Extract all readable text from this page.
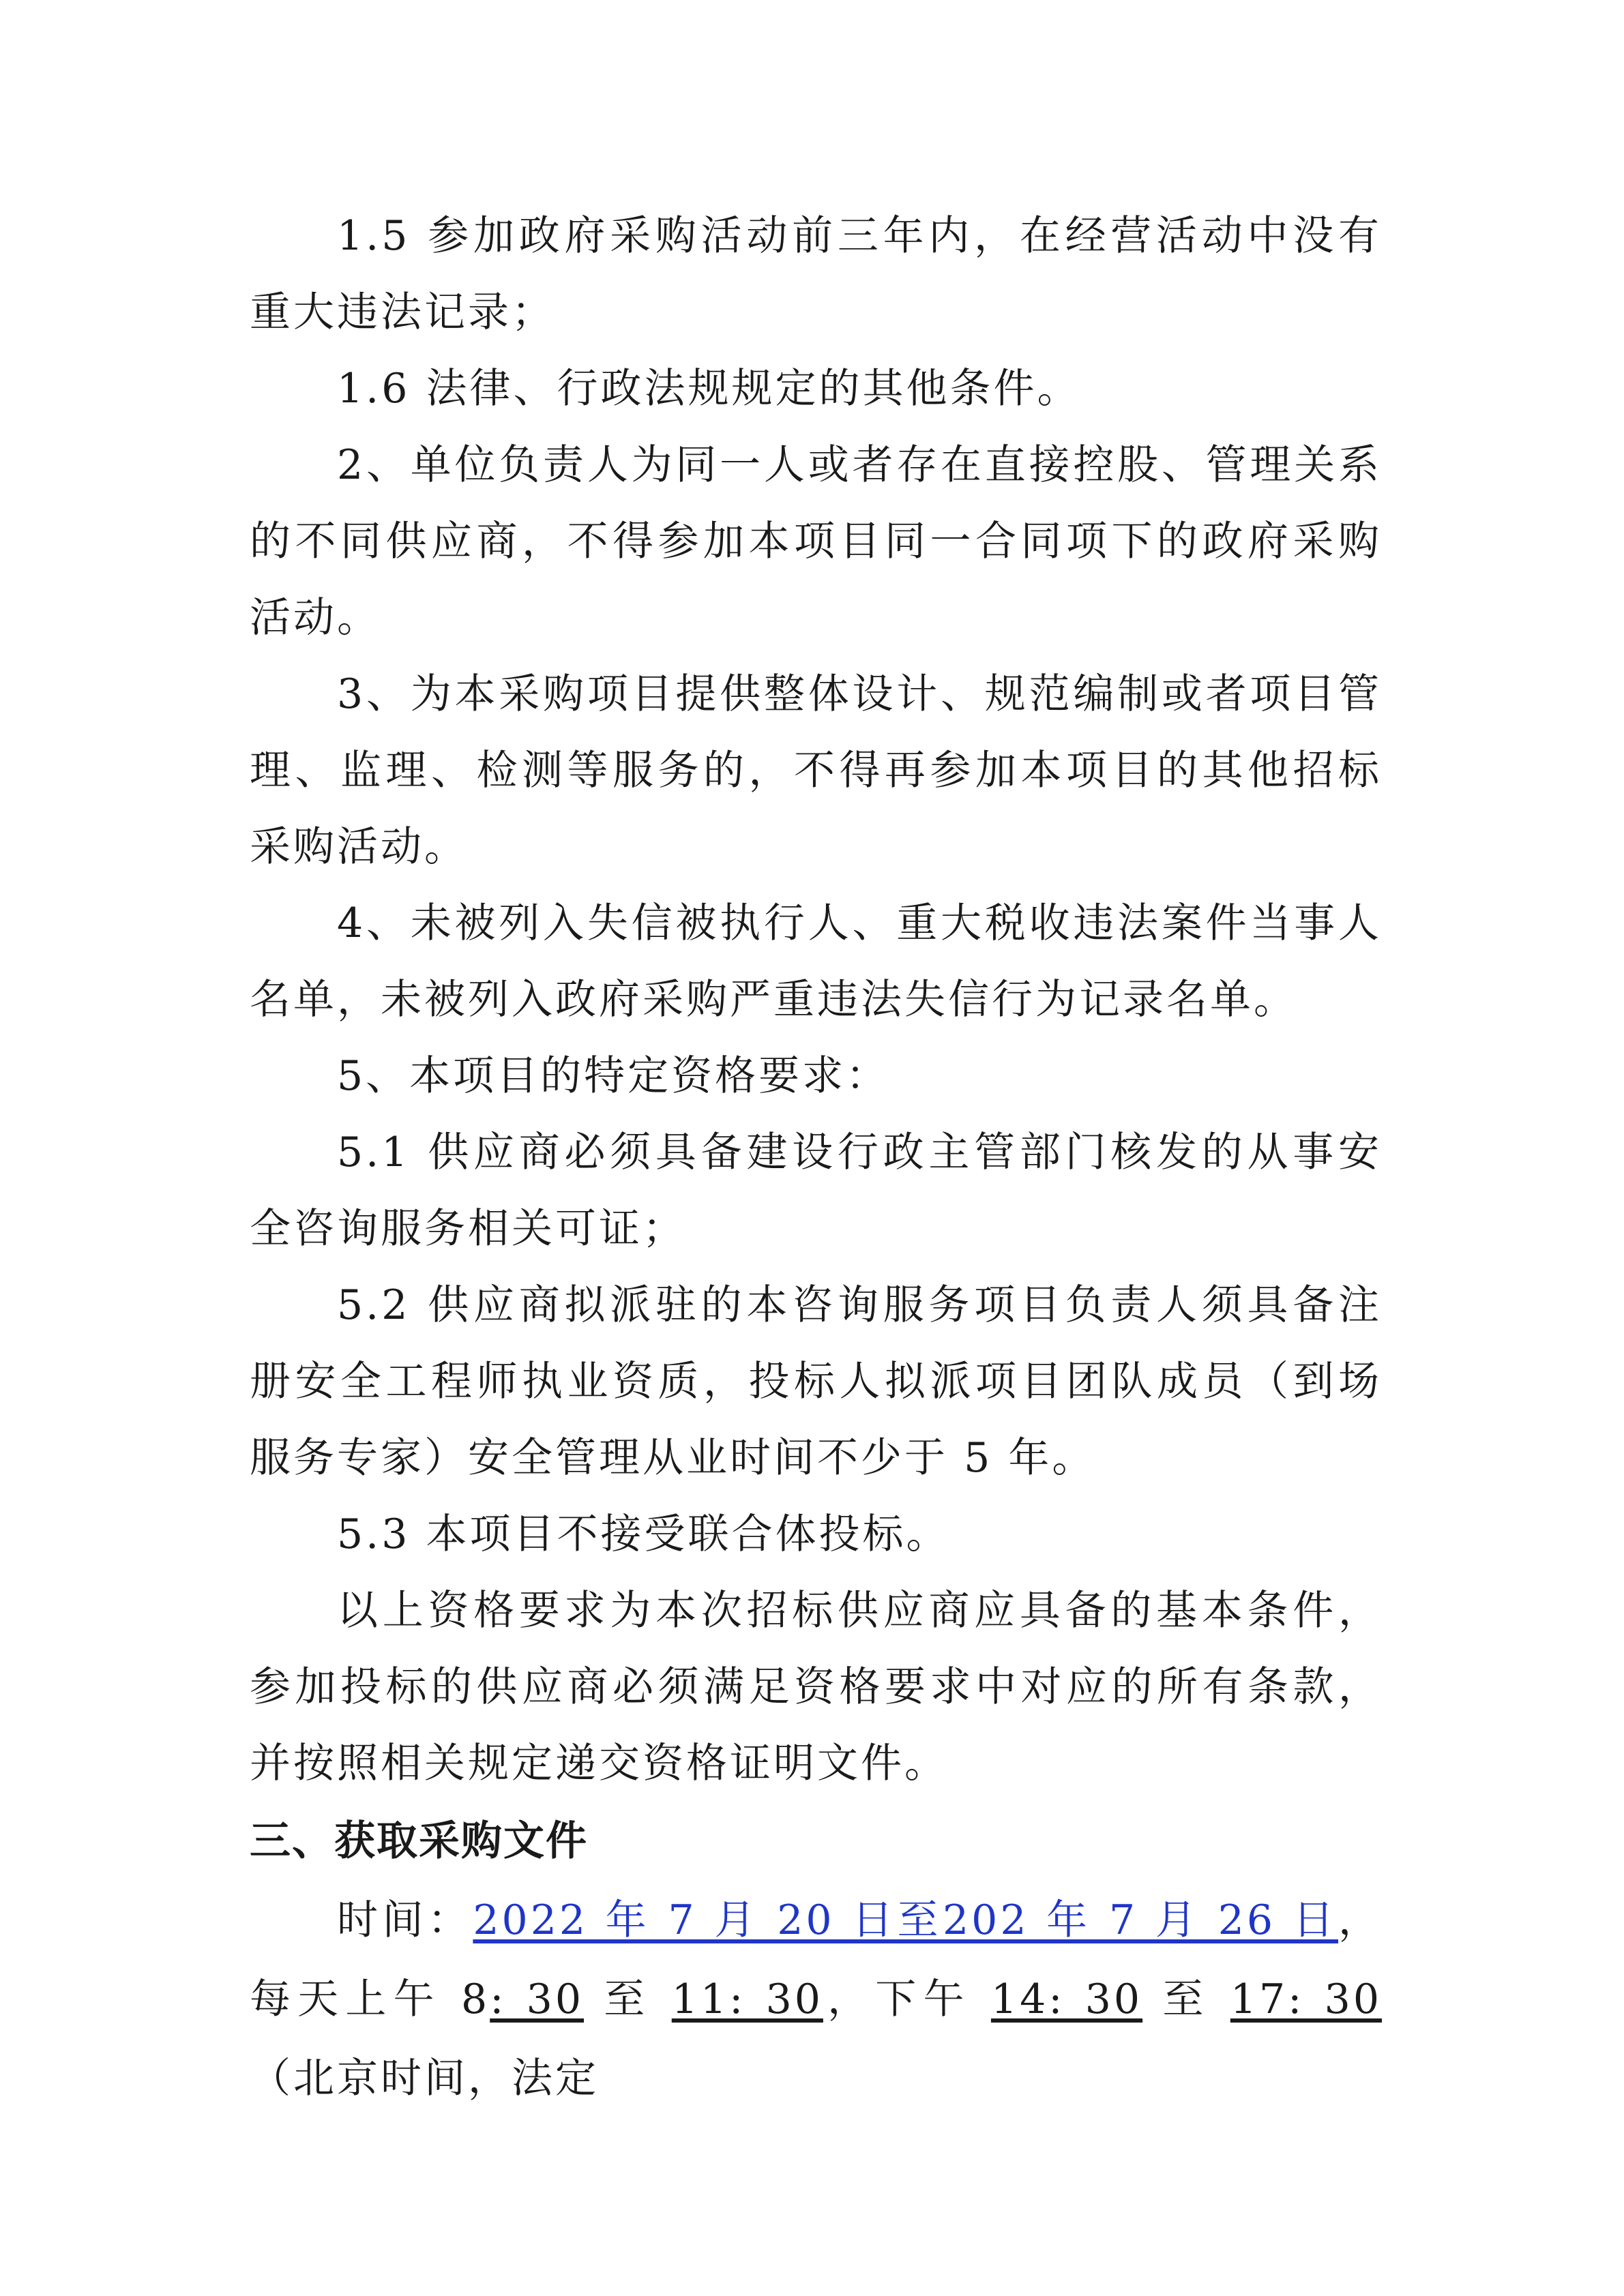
1.5 参加政府采购活动前三年内，在经营活动中没有重大违法记录；

1.6 法律、行政法规规定的其他条件。

2、单位负责人为同一人或者存在直接控股、管理关系的不同供应商，不得参加本项目同一合同项下的政府采购活动。

3、为本采购项目提供整体设计、规范编制或者项目管理、监理、检测等服务的，不得再参加本项目的其他招标采购活动。

4、未被列入失信被执行人、重大税收违法案件当事人名单，未被列入政府采购严重违法失信行为记录名单。

5、本项目的特定资格要求：

5.1 供应商必须具备建设行政主管部门核发的从事安全咨询服务相关可证；

5.2 供应商拟派驻的本咨询服务项目负责人须具备注册安全工程师执业资质，投标人拟派项目团队成员（到场服务专家）安全管理从业时间不少于 5 年。

5.3 本项目不接受联合体投标。

以上资格要求为本次招标供应商应具备的基本条件，参加投标的供应商必须满足资格要求中对应的所有条款，并按照相关规定递交资格证明文件。

三、获取采购文件

时间：2022 年 7 月 20 日至202 年 7 月 26 日，每天上午 8: 30 至 11: 30，下午 14: 30 至 17: 30（北京时间，法定
